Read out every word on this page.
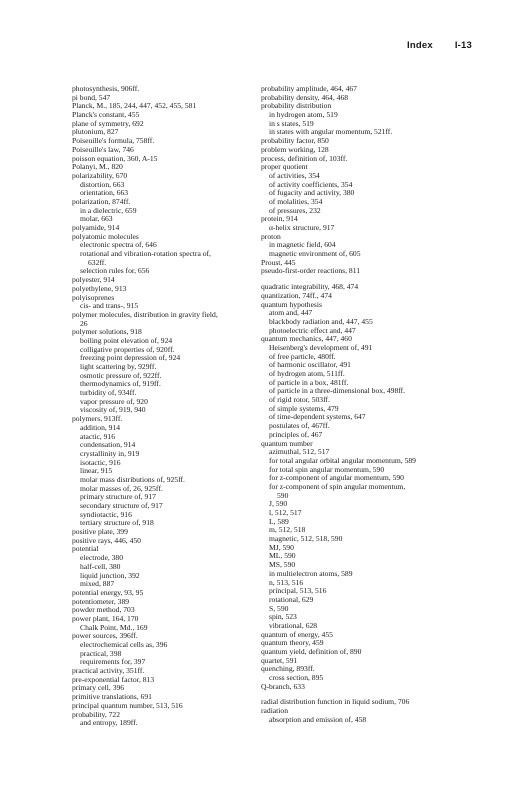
Index I-13
photosynthesis, 906ff.
pi bond, 547
Planck, M., 185, 244, 447, 452, 455, 581
Planck's constant, 455
plane of symmetry, 692
plutonium, 827
Poiseuille's formula, 758ff.
Poiseuille's law, 746
poisson equation, 360, A-15
Polanyi, M., 820
polarizability, 670
distortion, 663
orientation, 663
polarization, 874ff.
in a dielectric, 659
molar, 663
polyamide, 914
polyatomic molecules
electronic spectra of, 646
rotational and vibration-rotation spectra of,
632ff.
selection rules for, 656
polyester, 914
polyethylene, 913
polyisoprenes
cis- and trans-, 915
polymer molecules, distribution in gravity field,
26
polymer solutions, 918
boiling point elevation of, 924
colligative properties of, 920ff.
freezing point depression of, 924
light scattering by, 929ff.
osmotic pressure of, 922ff.
thermodynamics of, 919ff.
turbidity of, 934ff.
vapor pressure of, 920
viscosity of, 919, 940
polymers, 913ff.
addition, 914
atactic, 916
condensation, 914
crystallinity in, 919
isotactic, 916
linear, 915
molar mass distributions of, 925ff.
molar masses of, 26, 925ff.
primary structure of, 917
secondary structure of, 917
syndiotactic, 916
tertiary structure of, 918
positive plate, 399
positive rays, 446, 450
potential
electrode, 380
half-cell, 380
liquid junction, 392
mixed, 887
potential energy, 93, 95
potentiometer, 389
powder method, 703
power plant, 164, 170
Chalk Point, Md., 169
power sources, 396ff.
electrochemical cells as, 396
practical, 398
requirements for, 397
practical activity, 351ff.
pre-exponential factor, 813
primary cell, 396
primitive translations, 691
principal quantum number, 513, 516
probability, 722
and entropy, 189ff.
probability amplitude, 464, 467
probability density, 464, 468
probability distribution
in hydrogen atom, 519
in s states, 519
in states with angular momentum, 521ff.
probability factor, 850
problem working, 128
process, definition of, 103ff.
proper quotient
of activities, 354
of activity coefficients, 354
of fugacity and activity, 380
of molalities, 354
of pressures, 232
protein, 914
α-helix structure, 917
proton
in magnetic field, 604
magnetic environment of, 605
Proust, 445
pseudo-first-order reactions, 811
quadratic integrability, 468, 474
quantization, 74ff., 474
quantum hypothesis
atom and, 447
blackbody radiation and, 447, 455
photoelectric effect and, 447
quantum mechanics, 447, 460
Heisenberg's development of, 491
of free particle, 480ff.
of harmonic oscillator, 491
of hydrogen atom, 511ff.
of particle in a box, 481ff.
of particle in a three-dimensional box, 498ff.
of rigid rotor, 503ff.
of simple systems, 479
of time-dependent systems, 647
postulates of, 467ff.
principles of, 467
quantum number
azimuthal, 512, 517
for total angular orbital angular momentum, 589
for total spin angular momentum, 590
for z-component of angular momentum, 590
for z-component of spin angular momentum,
590
J, 590
l, 512, 517
L, 589
m, 512, 518
magnetic, 512, 518, 590
MJ, 590
ML, 590
MS, 590
in multielectron atoms, 589
n, 513, 516
principal, 513, 516
rotational, 629
S, 590
spin, 523
vibrational, 628
quantum of energy, 455
quantum theory, 459
quantum yield, definition of, 890
quartet, 591
quenching, 893ff.
cross section, 895
Q-branch, 633
radial distribution function in liquid sodium, 706
radiation
absorption and emission of, 458
